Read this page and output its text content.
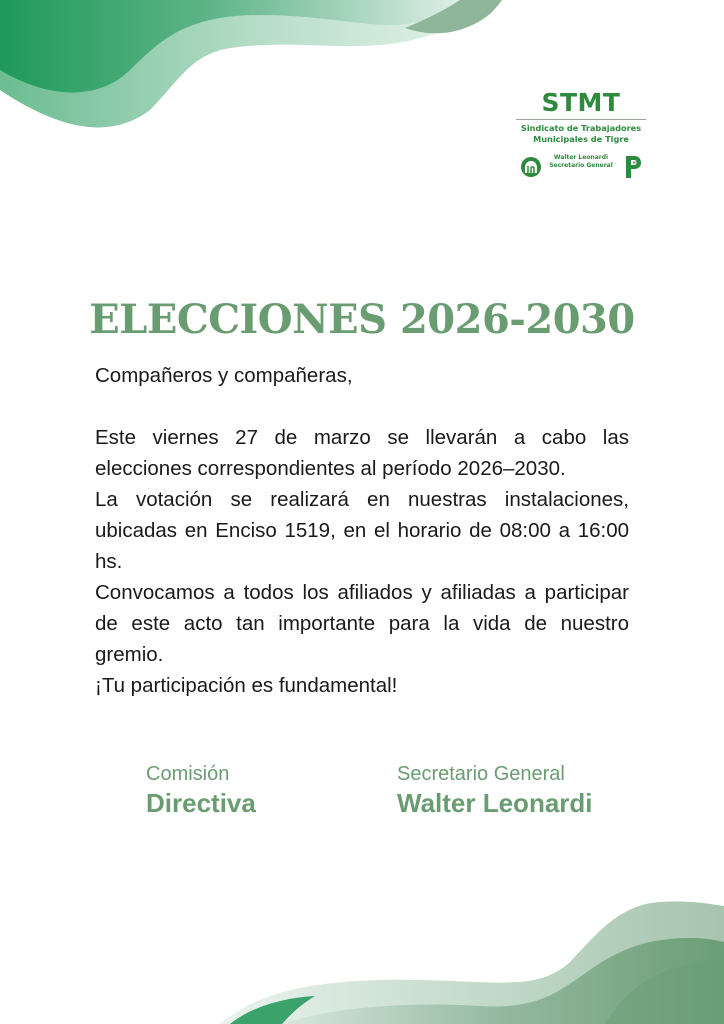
STMT
Sindicato de Trabajadores
Municipales de Tigre
Walter Leonardi
Secretario General
ELECCIONES 2026-2030

Compañeros y compañeras,

Este viernes 27 de marzo se llevarán a cabo las elecciones correspondientes al período 2026–2030.

La votación se realizará en nuestras instalaciones, ubicadas en Enciso 1519, en el horario de 08:00 a 16:00 hs.

Convocamos a todos los afiliados y afiliadas a participar de este acto tan importante para la vida de nuestro gremio.

¡Tu participación es fundamental!

Comisión
Directiva
Secretario General
Walter Leonardi
